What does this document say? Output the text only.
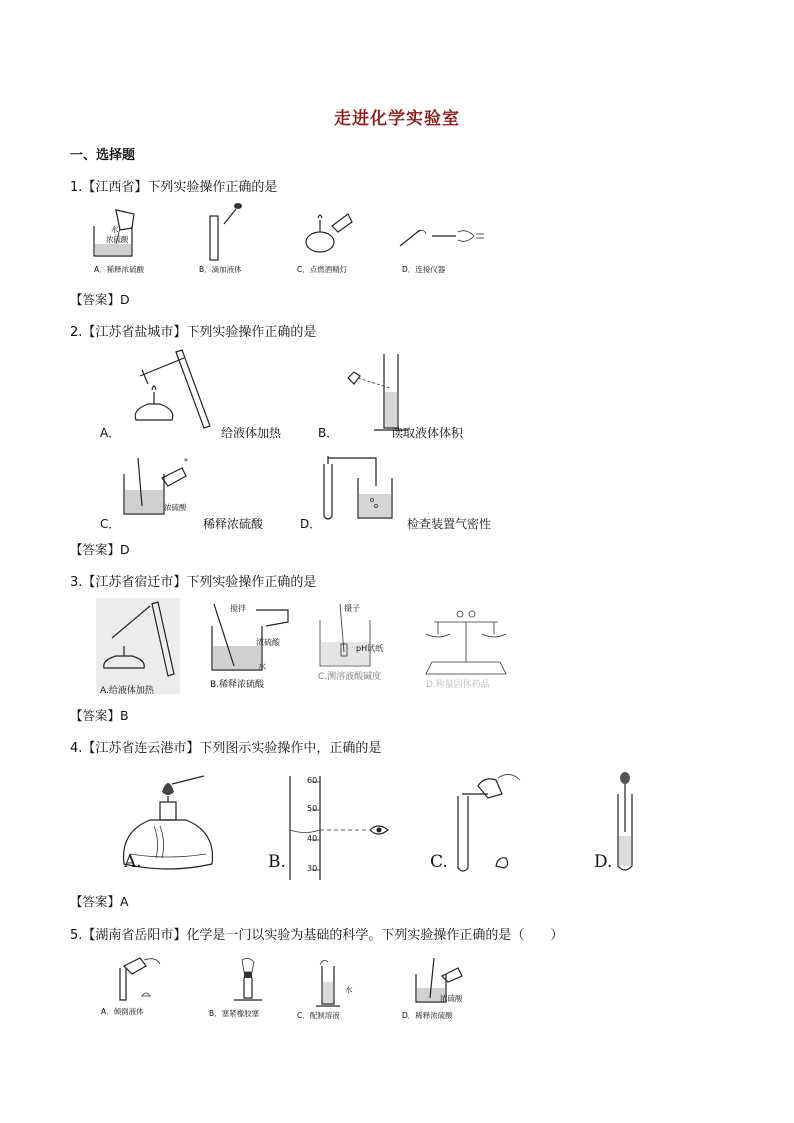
走进化学实验室
一、选择题
1.【江西省】下列实验操作正确的是
水
浓硫酸
A．稀释浓硫酸	B．滴加液体	C．点燃酒精灯	D．连接仪器
【答案】D
2.【江苏省盐城市】下列实验操作正确的是
A．	给液体加热	B．	读取液体体积
*
浓硫酸
C．	稀释浓硫酸	D．	检查装置气密性
【答案】D
3.【江苏省宿迁市】下列实验操作正确的是
A.给液体加热
搅拌
浓硫酸
水
B.稀释浓硫酸
镊子
pH试纸
C.测溶液酸碱度
D.称量固体药品
【答案】B
4.【江苏省连云港市】下列图示实验操作中，正确的是
A.
60
50
40
30
B.	C.	D.
【答案】A
5.【湖南省岳阳市】化学是一门以实验为基础的科学。下列实验操作正确的是（　　）
A．倾倒液体	B．塞紧橡胶塞
水
C．配制溶液
浓硫酸
D．稀释浓硫酸
